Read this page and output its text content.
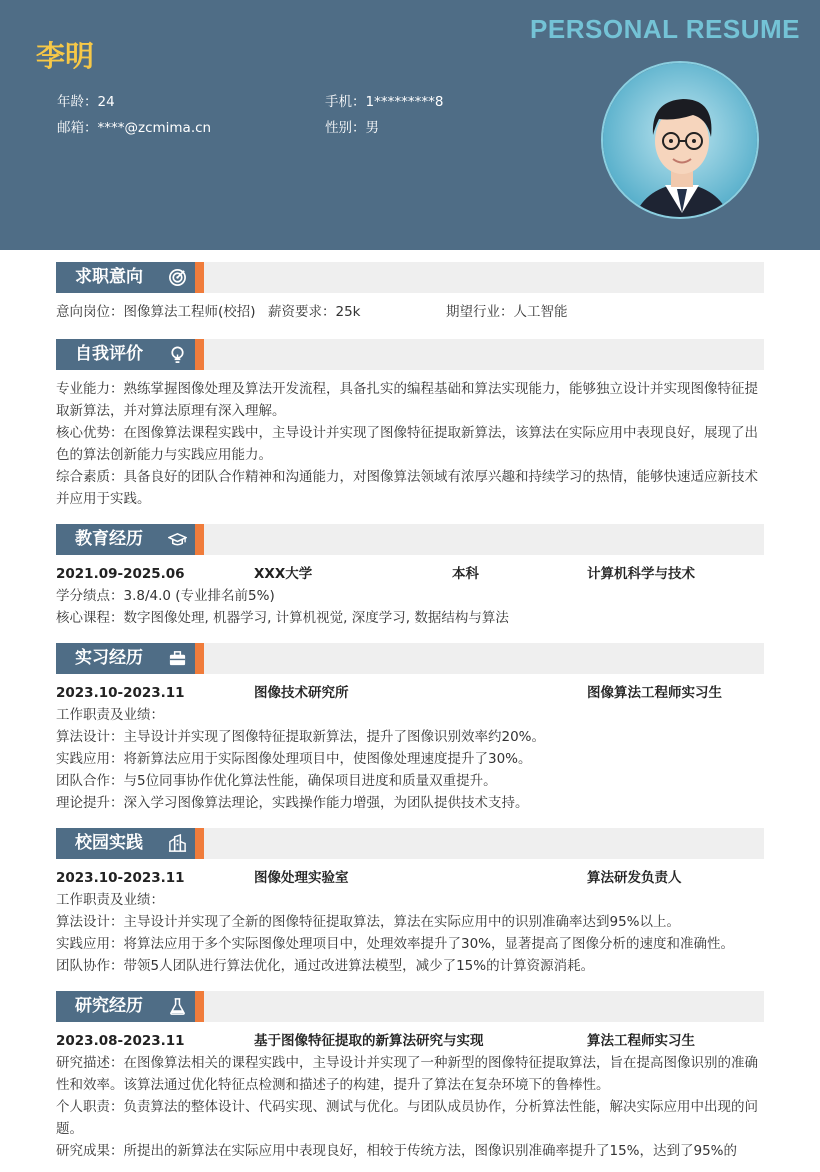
PERSONAL RESUME
李明
年龄：24	手机：1*********8
邮箱：****@zcmima.cn	性别：男
求职意向
意向岗位：图像算法工程师(校招) 薪资要求：25k	期望行业：人工智能
自我评价
专业能力：熟练掌握图像处理及算法开发流程，具备扎实的编程基础和算法实现能力，能够独立设计并实现图像特征提取新算法，并对算法原理有深入理解。
核心优势：在图像算法课程实践中，主导设计并实现了图像特征提取新算法，该算法在实际应用中表现良好，展现了出色的算法创新能力与实践应用能力。
综合素质：具备良好的团队合作精神和沟通能力，对图像算法领域有浓厚兴趣和持续学习的热情，能够快速适应新技术并应用于实践。
教育经历
2021.09-2025.06	XXX大学	本科	计算机科学与技术
学分绩点：3.8/4.0 (专业排名前5%)
核心课程：数字图像处理, 机器学习, 计算机视觉, 深度学习, 数据结构与算法
实习经历
2023.10-2023.11	图像技术研究所	图像算法工程师实习生
工作职责及业绩：
算法设计：主导设计并实现了图像特征提取新算法，提升了图像识别效率约20%。
实践应用：将新算法应用于实际图像处理项目中，使图像处理速度提升了30%。
团队合作：与5位同事协作优化算法性能，确保项目进度和质量双重提升。
理论提升：深入学习图像算法理论，实践操作能力增强，为团队提供技术支持。
校园实践
2023.10-2023.11	图像处理实验室	算法研发负责人
工作职责及业绩：
算法设计：主导设计并实现了全新的图像特征提取算法，算法在实际应用中的识别准确率达到95%以上。
实践应用：将算法应用于多个实际图像处理项目中，处理效率提升了30%，显著提高了图像分析的速度和准确性。
团队协作：带领5人团队进行算法优化，通过改进算法模型，减少了15%的计算资源消耗。
研究经历
2023.08-2023.11	基于图像特征提取的新算法研究与实现	算法工程师实习生
研究描述：在图像算法相关的课程实践中，主导设计并实现了一种新型的图像特征提取算法，旨在提高图像识别的准确性和效率。该算法通过优化特征点检测和描述子的构建，提升了算法在复杂环境下的鲁棒性。
个人职责：负责算法的整体设计、代码实现、测试与优化。与团队成员协作，分析算法性能，解决实际应用中出现的问题。
研究成果：所提出的新算法在实际应用中表现良好，相较于传统方法，图像识别准确率提升了15%，达到了95%的
